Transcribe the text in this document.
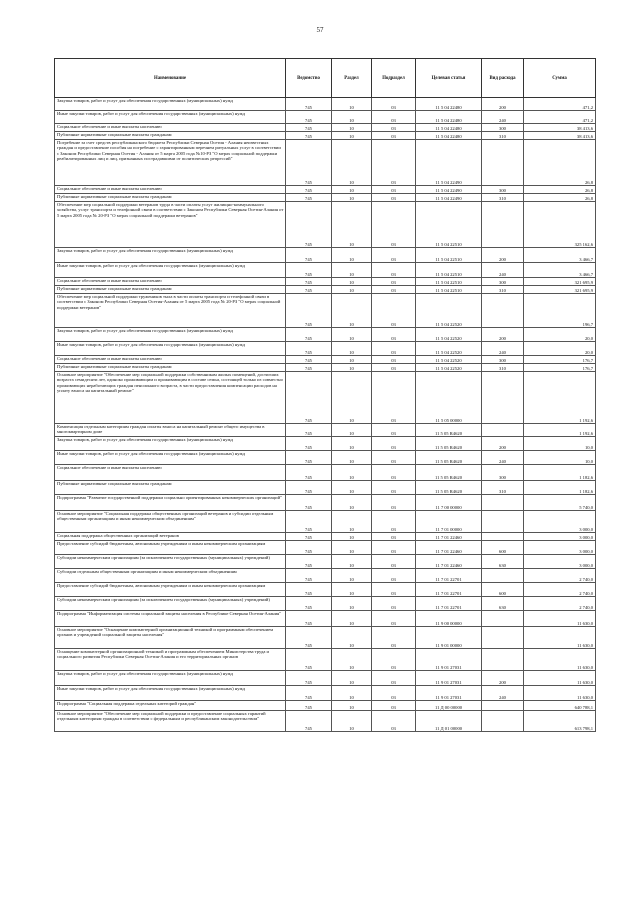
57
Наименование	Ведомство	Раздел	Подраздел	Целевая статья	Вид расхода	Сумма
Закупка товаров, работ и услуг для обеспечения государственных (муниципальных) нужд	745	10	03	11 5 04 22480	200	471,2
Иные закупки товаров, работ и услуг для обеспечения государственных (муниципальных) нужд	745	10	03	11 5 04 22480	240	471,2
Социальное обеспечение и иные выплаты населению	745	10	03	11 5 04 22480	300	38 413,6
Публичные нормативные социальные выплаты гражданам	745	10	03	11 5 04 22480	310	38 413,6
Погребение за счет средств республиканского бюджета Республики Северная Осетия - Алания неизвестных граждан и предоставление пособия на погребение с гарантированным перечнем ритуальных услуг в соответствии с Законом Республики Северная Осетия - Алания от 5 марта 2005 года №10-РЗ "О мерах социальной поддержки реабилитированных лиц и лиц, признанных пострадавшими от политических репрессий"	745	10	03	11 5 04 22490		26,8
Социальное обеспечение и иные выплаты населению	745	10	03	11 5 04 22490	300	26,8
Публичные нормативные социальные выплаты гражданам	745	10	03	11 5 04 22490	310	26,8
Обеспечение мер социальной поддержки ветеранов труда в части оплаты услуг жилищно-коммунального хозяйства, услуг транспорта и телефонной связи в соответствии с Законом Республики Северная Осетия-Алания от 5 марта 2005 года № 20-РЗ "О мерах социальной поддержки ветеранов"	745	10	03	11 5 04 22510		325 162,6
Закупка товаров, работ и услуг для обеспечения государственных (муниципальных) нужд	745	10	03	11 5 04 22510	200	3 466,7
Иные закупки товаров, работ и услуг для обеспечения государственных (муниципальных) нужд	745	10	03	11 5 04 22510	240	3 466,7
Социальное обеспечение и иные выплаты населению	745	10	03	11 5 04 22510	300	321 695,9
Публичные нормативные социальные выплаты гражданам	745	10	03	11 5 04 22510	310	321 695,9
Обеспечение мер социальной поддержки тружеников тыла в части оплаты транспорта и телефонной связи в соответствии с Законом Республики Северная Осетия-Алания от 5 марта 2005 года № 20-РЗ "О мерах социальной поддержки ветеранов"	745	10	03	11 5 04 22520		196,7
Закупка товаров, работ и услуг для обеспечения государственных (муниципальных) нужд	745	10	03	11 5 04 22520	200	20,0
Иные закупки товаров, работ и услуг для обеспечения государственных (муниципальных) нужд	745	10	03	11 5 04 22520	240	20,0
Социальное обеспечение и иные выплаты населению	745	10	03	11 5 04 22520	300	176,7
Публичные нормативные социальные выплаты гражданам	745	10	03	11 5 04 22520	310	176,7
Основное мероприятие "Обеспечение мер социальной поддержки собственникам жилых помещений, достигших возраста семидесяти лет, одиноко проживающим и проживающим в составе семьи, состоящей только из совместно проживающих неработающих граждан пенсионного возраста, в части предоставления компенсации расходов на уплату взноса на капитальный ремонт"	745	10	03	11 5 05 00000		1 192,6
Компенсация отдельным категориям граждан оплаты взноса на капитальный ремонт общего имущества в многоквартирном доме	745	10	03	11 5 05 R4620		1 192,6
Закупка товаров, работ и услуг для обеспечения государственных (муниципальных) нужд	745	10	03	11 5 05 R4620	200	10,0
Иные закупки товаров, работ и услуг для обеспечения государственных (муниципальных) нужд	745	10	03	11 5 05 R4620	240	10,0
Социальное обеспечение и иные выплаты населению	745	10	03	11 5 05 R4620	300	1 182,6
Публичные нормативные социальные выплаты гражданам	745	10	03	11 5 05 R4620	310	1 182,6
Подпрограмма "Развитие государственной поддержки социально ориентированных некоммерческих организаций"	745	10	03	11 7 00 00000		5 740,0
Основное мероприятие "Социальная поддержка общественных организаций ветеранов и субсидии отдельным общественным организациям и иным некоммерческим объединениям"	745	10	03	11 7 01 00000		3 000,0
Социальная поддержка общественных организаций ветеранов	745	10	03	11 7 01 22460		3 000,0
Предоставление субсидий бюджетным, автономным учреждениям и иным некоммерческим организациям	745	10	03	11 7 01 22460	600	3 000,0
Субсидии некоммерческим организациям (за исключением государственных (муниципальных) учреждений)	745	10	03	11 7 01 22460	630	3 000,0
Субсидии отдельным общественным организациям и иным некоммерческим объединениям	745	10	03	11 7 01 22701		2 740,0
Предоставление субсидий бюджетным, автономным учреждениям и иным некоммерческим организациям	745	10	03	11 7 01 22701	600	2 740,0
Субсидии некоммерческим организациям (за исключением государственных (муниципальных) учреждений)	745	10	03	11 7 01 22701	630	2 740,0
Подпрограмма "Информатизация системы социальной защиты населения в Республике Северная Осетия-Алания"	745	10	03	11 9 00 00000		11 630,0
Основное мероприятие "Оснащение компьютерной организационной техникой и программным обеспечением органов и учреждений социальной защиты населения"	745	10	03	11 9 01 00000		11 630,0
Оснащение компьютерной организационной техникой и программным обеспечением Министерства труда и социального развития Республики Северная Осетия-Алания и его территориальных органов	745	10	03	11 9 01 27031		11 630,0
Закупка товаров, работ и услуг для обеспечения государственных (муниципальных) нужд	745	10	03	11 9 01 27031	200	11 630,0
Иные закупки товаров, работ и услуг для обеспечения государственных (муниципальных) нужд	745	10	03	11 9 01 27031	240	11 630,0
Подпрограмма "Социальная поддержка отдельных категорий граждан"	745	10	03	11 Д 00 00000		640 788,1
Основное мероприятие "Обеспечение мер социальной поддержки и предоставление социальных гарантий отдельным категориям граждан в соответствии с федеральным и республиканским законодательством"	745	10	03	11 Д 01 00000		613 798,1
